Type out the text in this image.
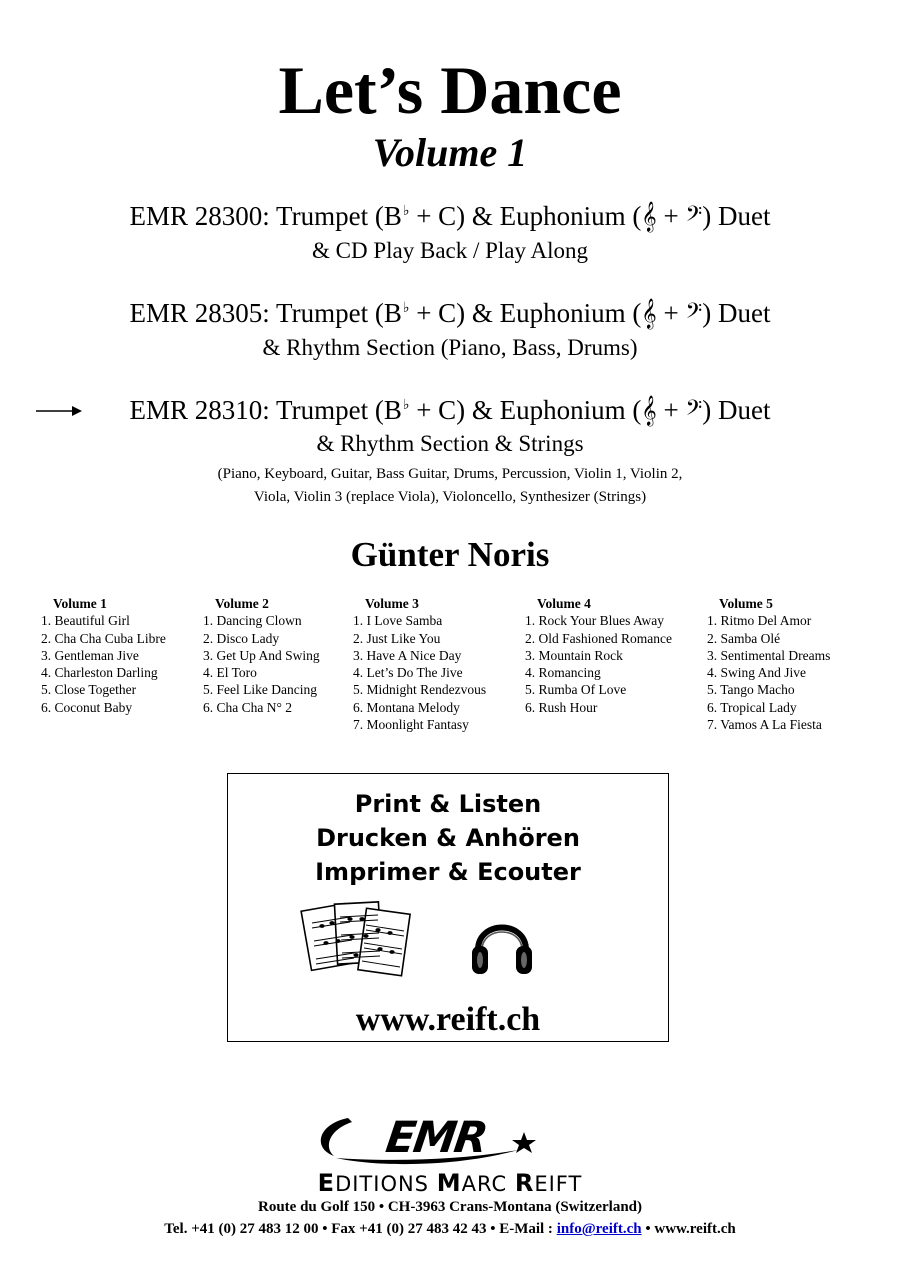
Let’s Dance
Volume 1
EMR 28300: Trumpet (B♭ + C) & Euphonium (𝄞 + 𝄢) Duet
& CD Play Back / Play Along
EMR 28305: Trumpet (B♭ + C) & Euphonium (𝄞 + 𝄢) Duet
& Rhythm Section (Piano, Bass, Drums)
EMR 28310: Trumpet (B♭ + C) & Euphonium (𝄞 + 𝄢) Duet
& Rhythm Section & Strings
(Piano, Keyboard, Guitar, Bass Guitar, Drums, Percussion, Violin 1, Violin 2,
Viola, Violin 3 (replace Viola), Violoncello, Synthesizer (Strings)
Günter Noris
Volume 1
1. Beautiful Girl
2. Cha Cha Cuba Libre
3. Gentleman Jive
4. Charleston Darling
5. Close Together
6. Coconut Baby
Volume 2
1. Dancing Clown
2. Disco Lady
3. Get Up And Swing
4. El Toro
5. Feel Like Dancing
6. Cha Cha N° 2
Volume 3
1. I Love Samba
2. Just Like You
3. Have A Nice Day
4. Let’s Do The Jive
5. Midnight Rendezvous
6. Montana Melody
7. Moonlight Fantasy
Volume 4
1. Rock Your Blues Away
2. Old Fashioned Romance
3. Mountain Rock
4. Romancing
5. Rumba Of Love
6. Rush Hour
Volume 5
1. Ritmo Del Amor
2. Samba Olé
3. Sentimental Dreams
4. Swing And Jive
5. Tango Macho
6. Tropical Lady
7. Vamos A La Fiesta
Print & Listen
Drucken & Anhören
Imprimer & Ecouter
www.reift.ch
EMR
EDITIONS MARC REIFT
Route du Golf 150 • CH-3963 Crans-Montana (Switzerland)
Tel. +41 (0) 27 483 12 00 • Fax +41 (0) 27 483 42 43 • E-Mail : info@reift.ch • www.reift.ch
